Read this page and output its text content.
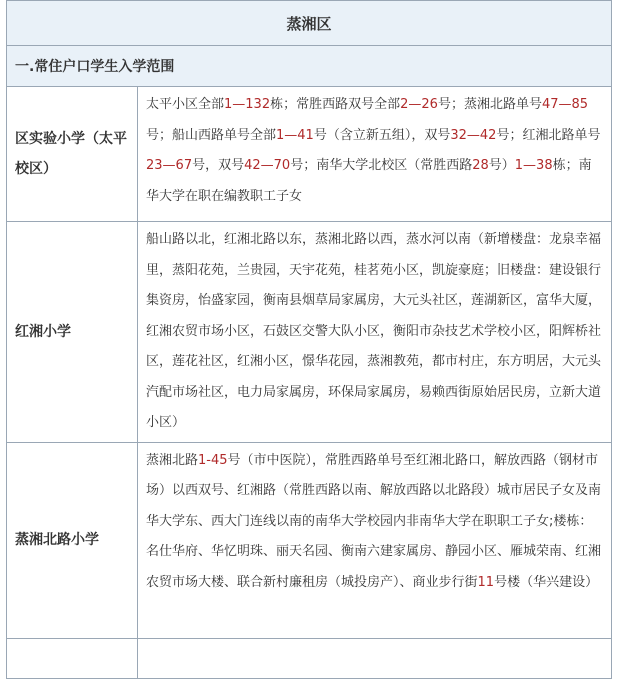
蒸湘区	
一.常住户口学生入学范围	
区实验小学（太平校区）	太平小区全部1—132栋；常胜西路双号全部2—26号；蒸湘北路单号47—85号；船山西路单号全部1—41号（含立新五组），双号32—42号；红湘北路单号23—67号，双号42—70号；南华大学北校区（常胜西路28号）1—38栋；南华大学在职在编教职工子女
红湘小学	船山路以北，红湘北路以东，蒸湘北路以西，蒸水河以南（新增楼盘：龙泉幸福里，蒸阳花苑，兰贵园，天宇花苑，桂茗苑小区，凯旋豪庭；旧楼盘：建设银行集资房，怡盛家园，衡南县烟草局家属房，大元头社区，莲湖新区，富华大厦，红湘农贸市场小区，石鼓区交警大队小区，衡阳市杂技艺术学校小区，阳辉桥社区，莲花社区，红湘小区，憬华花园，蒸湘教苑，都市村庄，东方明居，大元头汽配市场社区，电力局家属房，环保局家属房，易赖西街原始居民房，立新大道小区）
蒸湘北路小学	蒸湘北路1-45号（市中医院），常胜西路单号至红湘北路口，解放西路（钢材市场）以西双号、红湘路（常胜西路以南、解放西路以北路段）城市居民子女及南华大学东、西大门连线以南的南华大学校园内非南华大学在职职工子女;楼栋：名仕华府、华忆明珠、丽天名园、衡南六建家属房、静园小区、雁城荣南、红湘农贸市场大楼、联合新村廉租房（城投房产）、商业步行街11号楼（华兴建设）
